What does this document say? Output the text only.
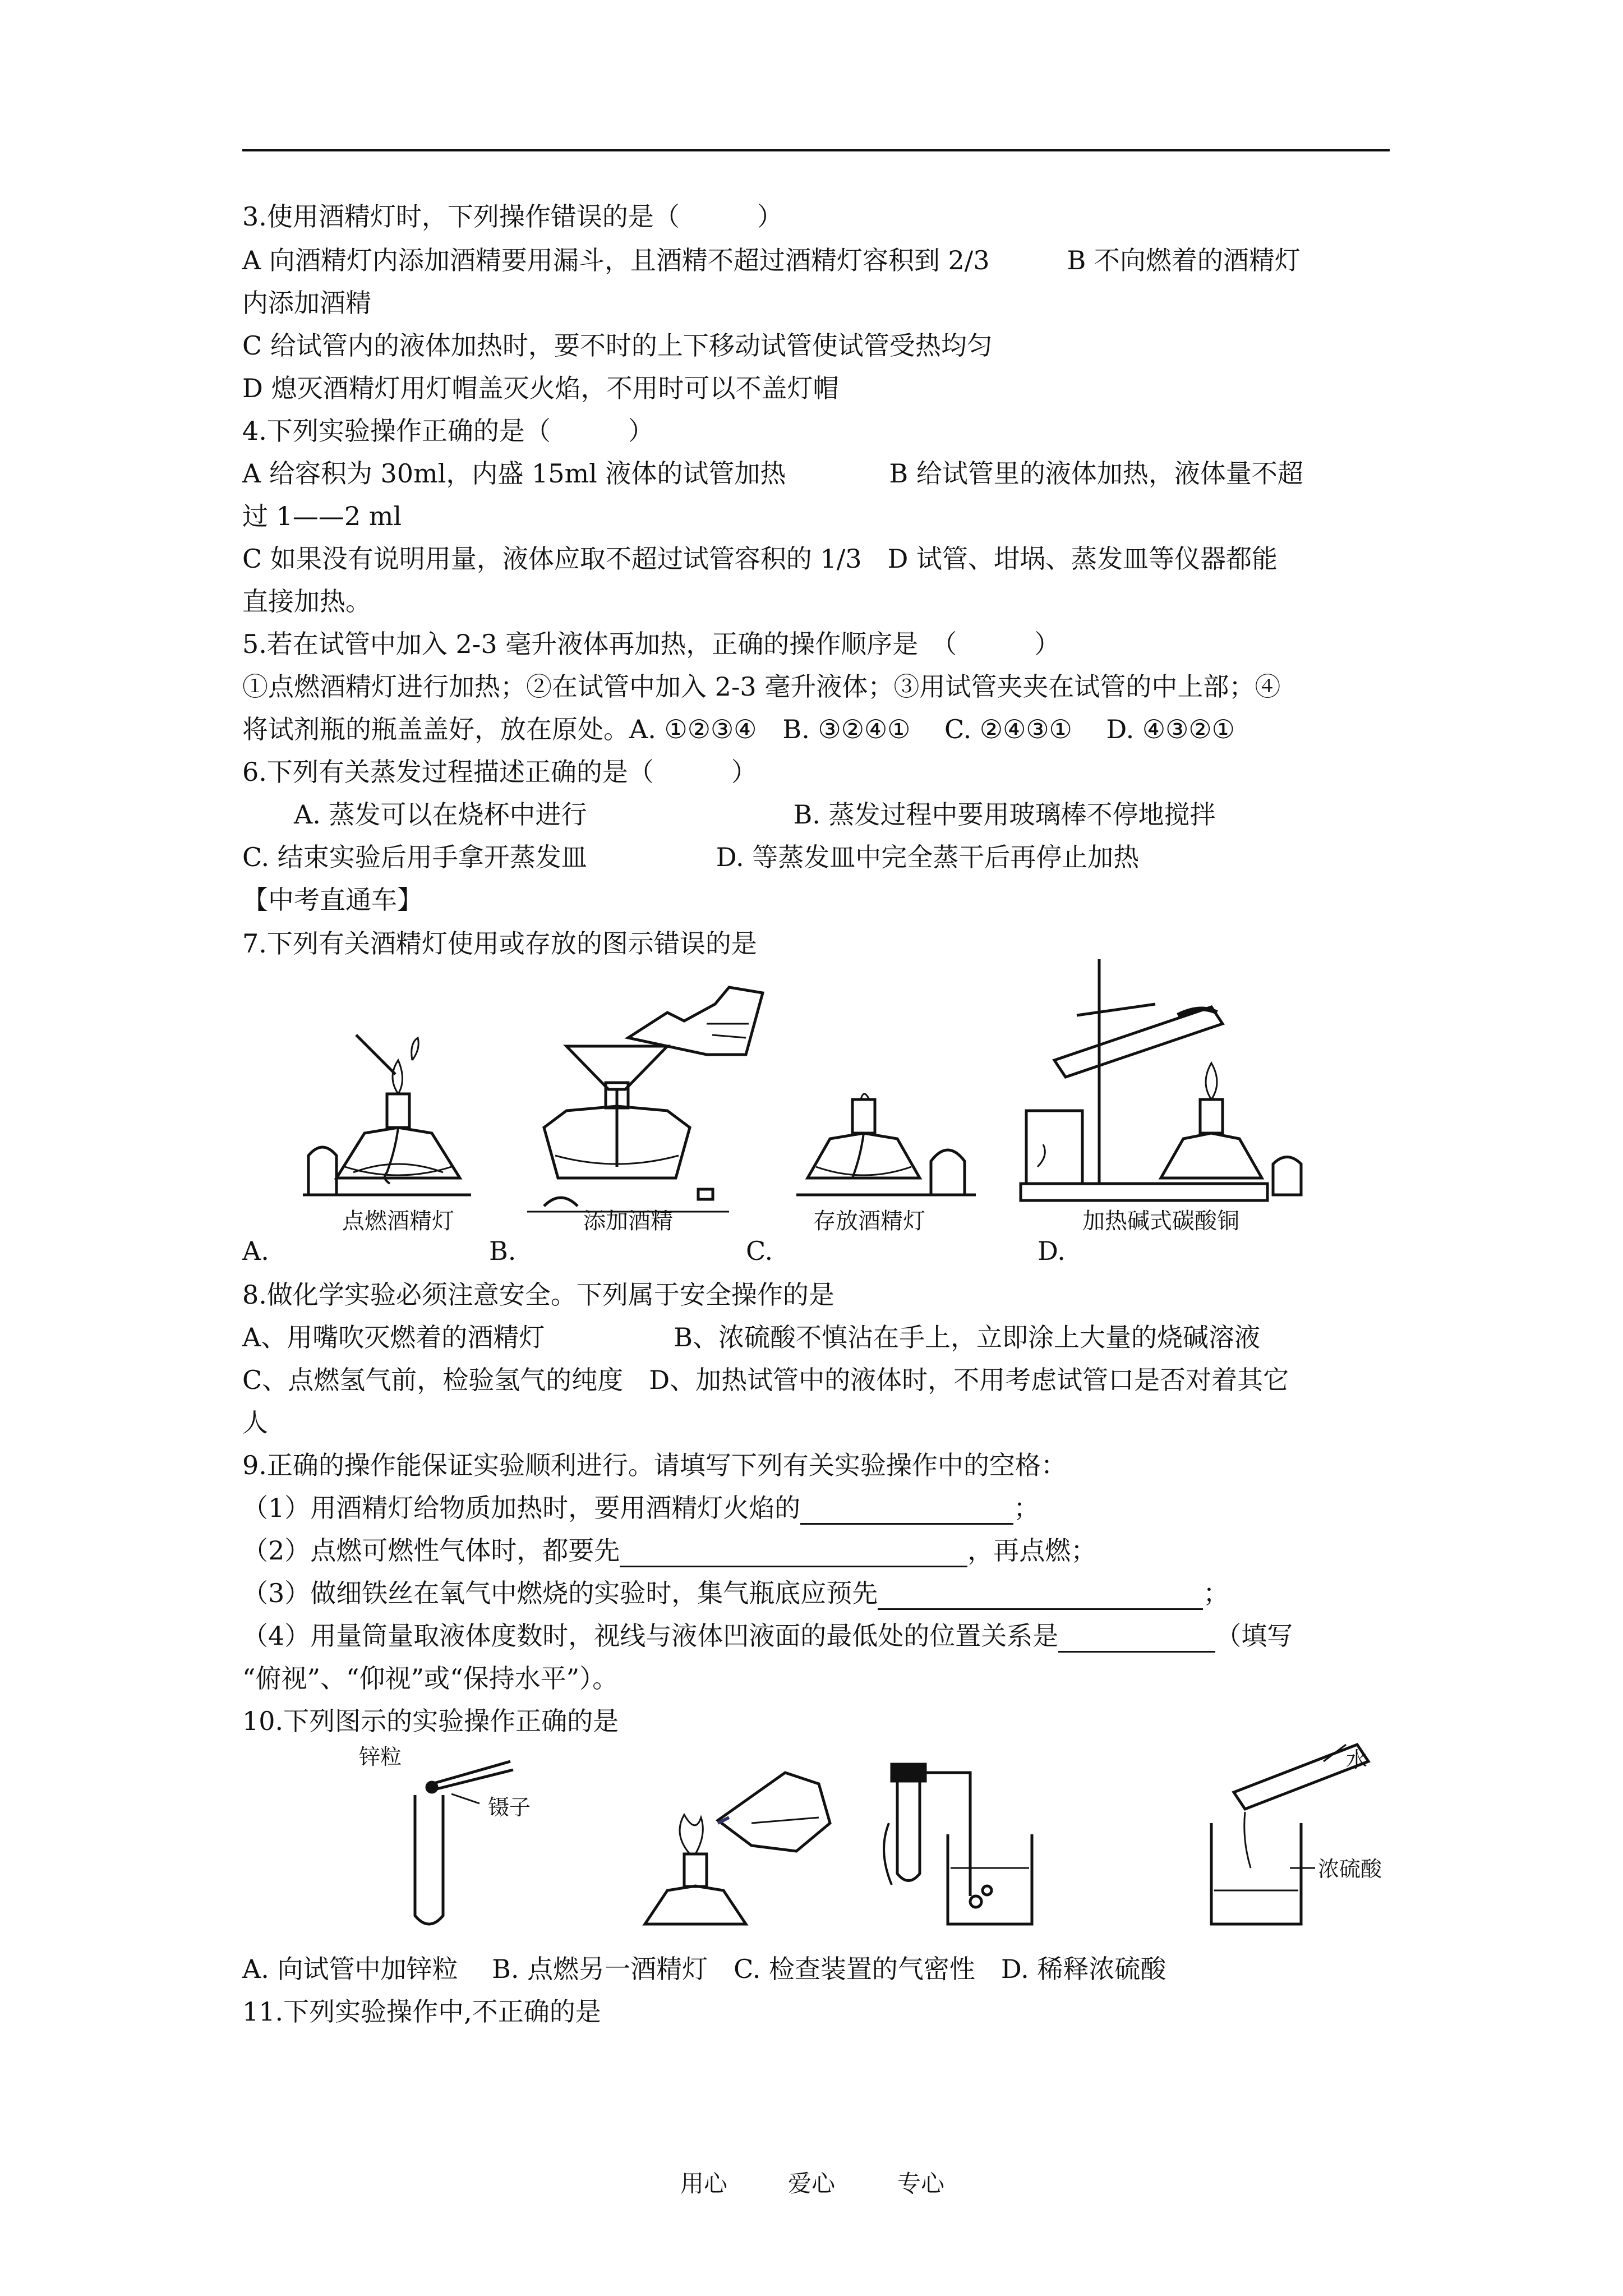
3.使用酒精灯时，下列操作错误的是（　　　）
A 向酒精灯内添加酒精要用漏斗，且酒精不超过酒精灯容积到 2/3　　　B 不向燃着的酒精灯
内添加酒精
C 给试管内的液体加热时，要不时的上下移动试管使试管受热均匀
D 熄灭酒精灯用灯帽盖灭火焰，不用时可以不盖灯帽
4.下列实验操作正确的是（　　　）
A 给容积为 30ml，内盛 15ml 液体的试管加热　　　　B 给试管里的液体加热，液体量不超
过 1——2 ml
C 如果没有说明用量，液体应取不超过试管容积的 1/3　D 试管、坩埚、蒸发皿等仪器都能
直接加热。
5.若在试管中加入 2-3 毫升液体再加热，正确的操作顺序是　（　　　）
①点燃酒精灯进行加热；②在试管中加入 2-3 毫升液体；③用试管夹夹在试管的中上部；④
将试剂瓶的瓶盖盖好，放在原处。A. ①②③④　B. ③②④①　 C. ②④③①　 D. ④③②①
6.下列有关蒸发过程描述正确的是（　　　）
　　A. 蒸发可以在烧杯中进行　　　　　　　　B. 蒸发过程中要用玻璃棒不停地搅拌
C. 结束实验后用手拿开蒸发皿　　　　　D. 等蒸发皿中完全蒸干后再停止加热
【中考直通车】
7.下列有关酒精灯使用或存放的图示错误的是
点燃酒精灯	添加酒精	存放酒精灯	加热碱式碳酸铜
A.	B.	C.	D.
8.做化学实验必须注意安全。下列属于安全操作的是
A、用嘴吹灭燃着的酒精灯　　　　　B、浓硫酸不慎沾在手上，立即涂上大量的烧碱溶液
C、点燃氢气前，检验氢气的纯度　D、加热试管中的液体时，不用考虑试管口是否对着其它
人
9.正确的操作能保证实验顺利进行。请填写下列有关实验操作中的空格：
（1）用酒精灯给物质加热时，要用酒精灯火焰的	；
（2）点燃可燃性气体时，都要先	，再点燃；
（3）做细铁丝在氧气中燃烧的实验时，集气瓶底应预先	；
（4）用量筒量取液体度数时，视线与液体凹液面的最低处的位置关系是	（填写
“俯视”、“仰视”或“保持水平”）。
10.下列图示的实验操作正确的是
锌粒
镊子
水
浓硫酸
A. 向试管中加锌粒　 B. 点燃另一酒精灯　C. 检查装置的气密性　D. 稀释浓硫酸
11.下列实验操作中,不正确的是
用心	爱心	专心
